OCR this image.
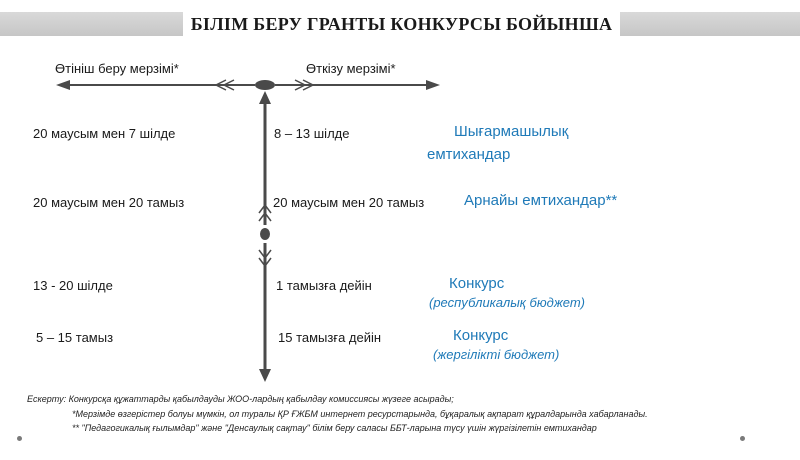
БІЛІМ БЕРУ ГРАНТЫ КОНКУРСЫ БОЙЫНША
Өтініш беру мерзімі*	Өткізу мерзімі*
20 маусым мен 7 шілде	8 – 13 шілде	Шығармашылық
емтихандар
20 маусым мен 20 тамыз	20 маусым мен 20 тамыз	Арнайы емтихандар**
13 - 20 шілде	1 тамызға дейін	Конкурс
(республикалық бюджет)
5 – 15 тамыз	15 тамызға дейін	Конкурс
(жергілікті бюджет)
Ескерту: Конкурсқа құжаттарды қабылдауды ЖОО-лардың қабылдау комиссиясы жүзеге асырады;
*Мерзімде өзгерістер болуы мүмкін, ол туралы ҚР ҒЖБМ интернет ресурстарында, бұқаралық ақпарат құралдарында хабарланады.
** "Педагогикалық ғылымдар" және "Денсаулық сақтау" білім беру саласы ББТ-ларына түсу үшін жүргізілетін емтихандар
